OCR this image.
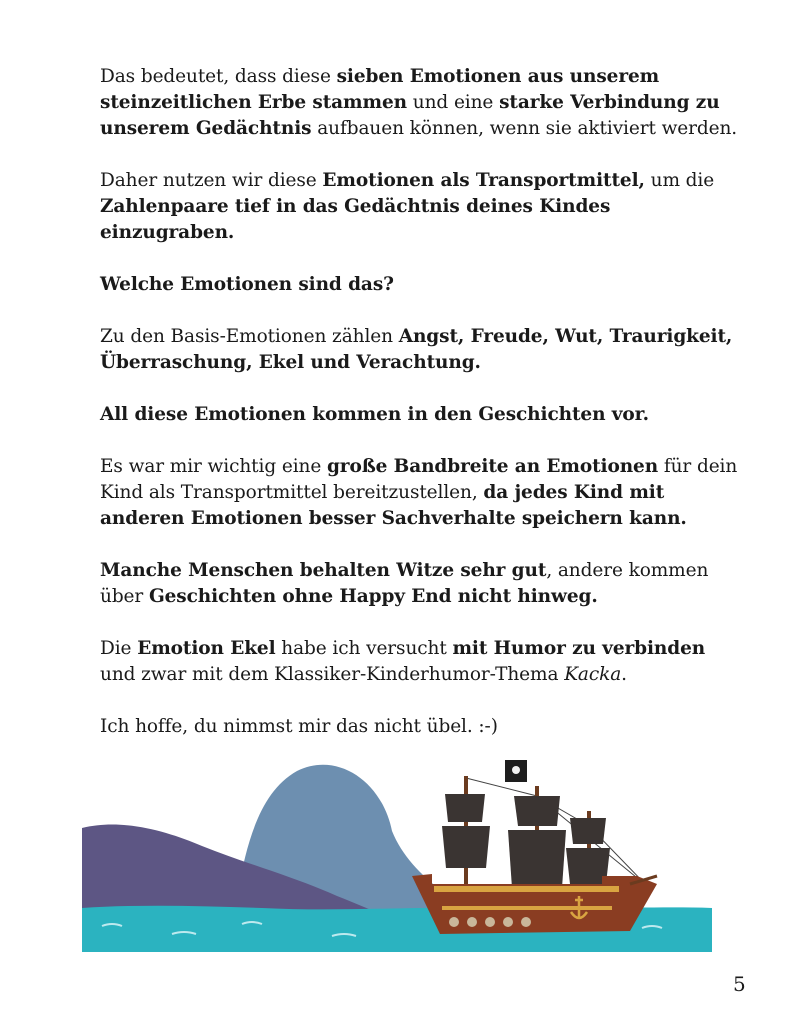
Das bedeutet, dass diese sieben Emotionen aus unserem steinzeitlichen Erbe stammen und eine starke Verbindung zu unserem Gedächtnis aufbauen können, wenn sie aktiviert werden.

Daher nutzen wir diese Emotionen als Transportmittel, um die Zahlenpaare tief in das Gedächtnis deines Kindes einzugraben.

Welche Emotionen sind das?

Zu den Basis-Emotionen zählen Angst, Freude, Wut, Traurigkeit, Überraschung, Ekel und Verachtung.

All diese Emotionen kommen in den Geschichten vor.

Es war mir wichtig eine große Bandbreite an Emotionen für dein Kind als Transportmittel bereitzustellen, da jedes Kind mit anderen Emotionen besser Sachverhalte speichern kann.

Manche Menschen behalten Witze sehr gut, andere kommen über Geschichten ohne Happy End nicht hinweg.

Die Emotion Ekel habe ich versucht mit Humor zu verbinden und zwar mit dem Klassiker-Kinderhumor-Thema Kacka.

Ich hoffe, du nimmst mir das nicht übel. :-)

5
